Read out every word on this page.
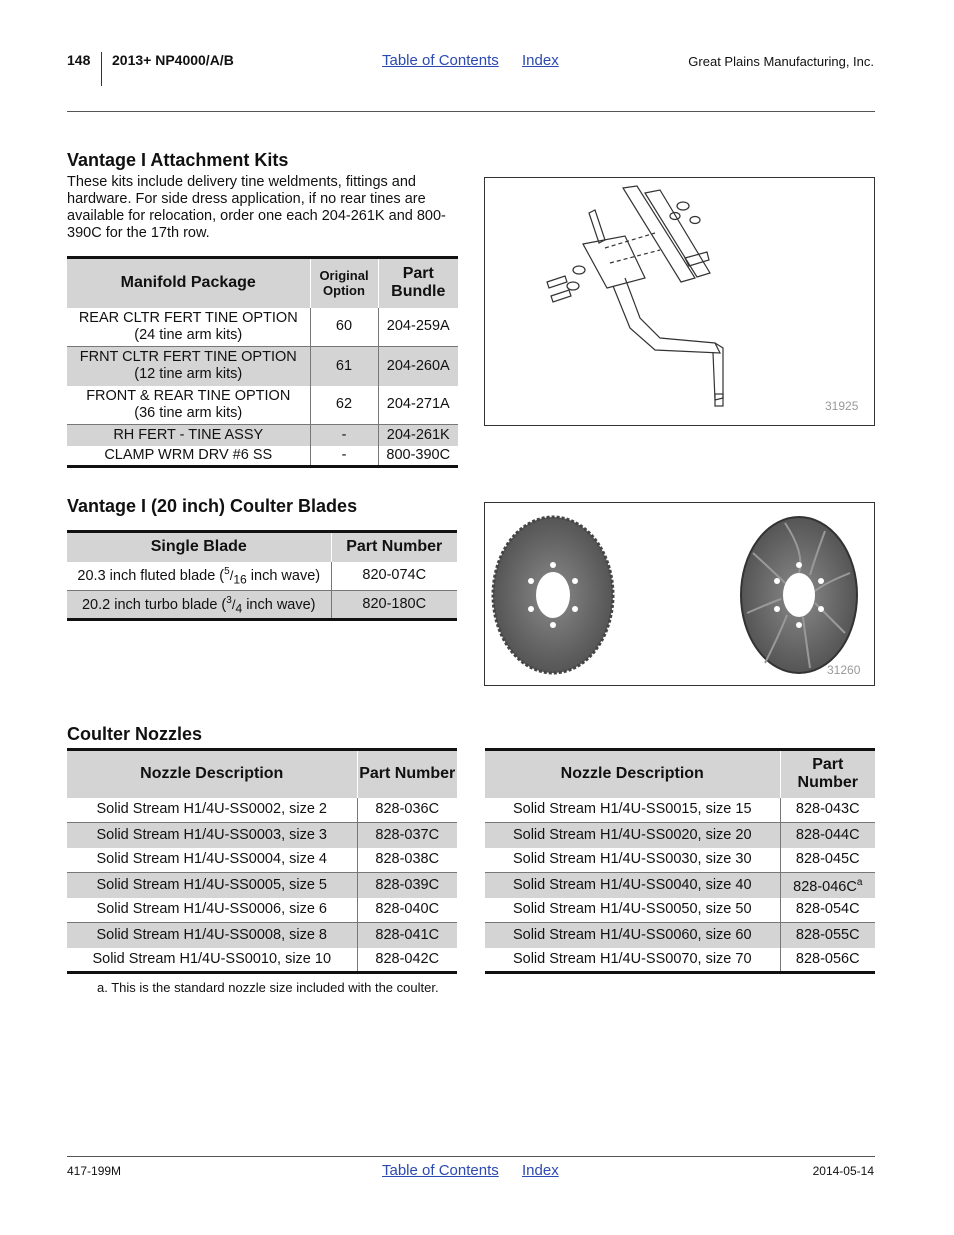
148 2013+ NP4000/A/B	Table of Contents Index	Great Plains Manufacturing, Inc.
Vantage I Attachment Kits
These kits include delivery tine weldments, fittings and hardware. For side dress application, if no rear tines are available for relocation, order one each 204-261K and 800-390C for the 17th row.
Manifold Package	Original Option	Part Bundle
REAR CLTR FERT TINE OPTION
(24 tine arm kits)	60	204-259A
FRNT CLTR FERT TINE OPTION
(12 tine arm kits)	61	204-260A
FRONT & REAR TINE OPTION
(36 tine arm kits)	62	204-271A
RH FERT - TINE ASSY	-	204-261K
CLAMP WRM DRV #6 SS	-	800-390C
31925
Vantage I (20 inch) Coulter Blades
Single Blade	Part Number
20.3 inch fluted blade ($^5/_{16}$ inch wave)	820-074C
20.2 inch turbo blade ($^3/_4$ inch wave)	820-180C
31260
Coulter Nozzles
Nozzle Description	Part Number
Solid Stream H1/4U-SS0002, size 2	828-036C
Solid Stream H1/4U-SS0003, size 3	828-037C
Solid Stream H1/4U-SS0004, size 4	828-038C
Solid Stream H1/4U-SS0005, size 5	828-039C
Solid Stream H1/4U-SS0006, size 6	828-040C
Solid Stream H1/4U-SS0008, size 8	828-041C
Solid Stream H1/4U-SS0010, size 10	828-042C
Nozzle Description	Part Number
Solid Stream H1/4U-SS0015, size 15	828-043C
Solid Stream H1/4U-SS0020, size 20	828-044C
Solid Stream H1/4U-SS0030, size 30	828-045C
Solid Stream H1/4U-SS0040, size 40	$828-046C^a$
Solid Stream H1/4U-SS0050, size 50	828-054C
Solid Stream H1/4U-SS0060, size 60	828-055C
Solid Stream H1/4U-SS0070, size 70	828-056C
a. This is the standard nozzle size included with the coulter.
417-199M	Table of Contents Index	2014-05-14
